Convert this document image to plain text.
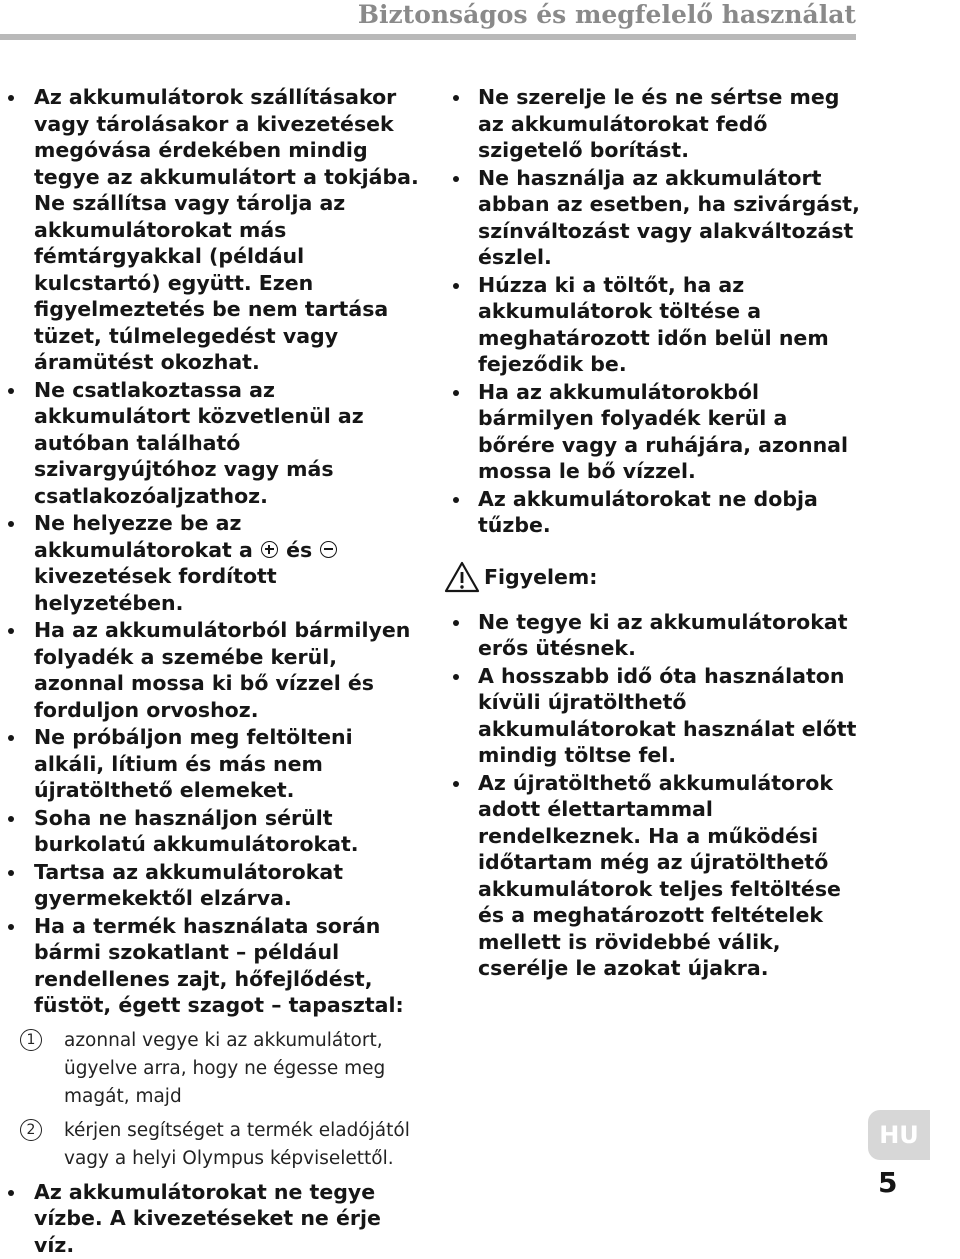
Biztonságos és megfelelő használat
Az akkumulátorok szállításakor vagy tárolásakor a kivezetések megóvása érdekében mindig tegye az akkumulátort a tokjába. Ne szállítsa vagy tárolja az akkumulátorokat más fémtárgyakkal (például kulcstartó) együtt. Ezen figyelmeztetés be nem tartása tüzet, túlmelegedést vagy áramütést okozhat.
Ne csatlakoztassa az akkumulátort közvetlenül az autóban található szivargyújtóhoz vagy más csatlakozóaljzathoz.
Ne helyezze be az akkumulátorokat a és  kivezetések fordított helyzetében.
Ha az akkumulátorból bármilyen folyadék a szemébe kerül, azonnal mossa ki bő vízzel és forduljon orvoshoz.
Ne próbáljon meg feltölteni alkáli, lítium és más nem újratölthető elemeket.
Soha ne használjon sérült burkolatú akkumulátorokat.
Tartsa az akkumulátorokat gyermekektől elzárva.
Ha a termék használata során bármi szokatlant – például rendellenes zajt, hőfejlődést, füstöt, égett szagot – tapasztal:
1	azonnal vegye ki az akkumulátort, ügyelve arra, hogy ne égesse meg magát, majd
2	kérjen segítséget a termék eladójától vagy a helyi Olympus képviselettől.
Az akkumulátorokat ne tegye vízbe. A kivezetéseket ne érje víz.
Ne szerelje le és ne sértse meg az akkumulátorokat fedő szigetelő borítást.
Ne használja az akkumulátort abban az esetben, ha szivárgást, színváltozást vagy alakváltozást észlel.
Húzza ki a töltőt, ha az akkumulátorok töltése a meghatározott időn belül nem fejeződik be.
Ha az akkumulátorokból bármilyen folyadék kerül a bőrére vagy a ruhájára, azonnal mossa le bő vízzel.
Az akkumulátorokat ne dobja tűzbe.
Figyelem:
Ne tegye ki az akkumulátorokat erős ütésnek.
A hosszabb idő óta használaton kívüli újratölthető akkumulátorokat használat előtt mindig töltse fel.
Az újratölthető akkumulátorok adott élettartammal rendelkeznek. Ha a működési időtartam még az újratölthető akkumulátorok teljes feltöltése és a meghatározott feltételek mellett is rövidebbé válik, cserélje le azokat újakra.
HU
5
